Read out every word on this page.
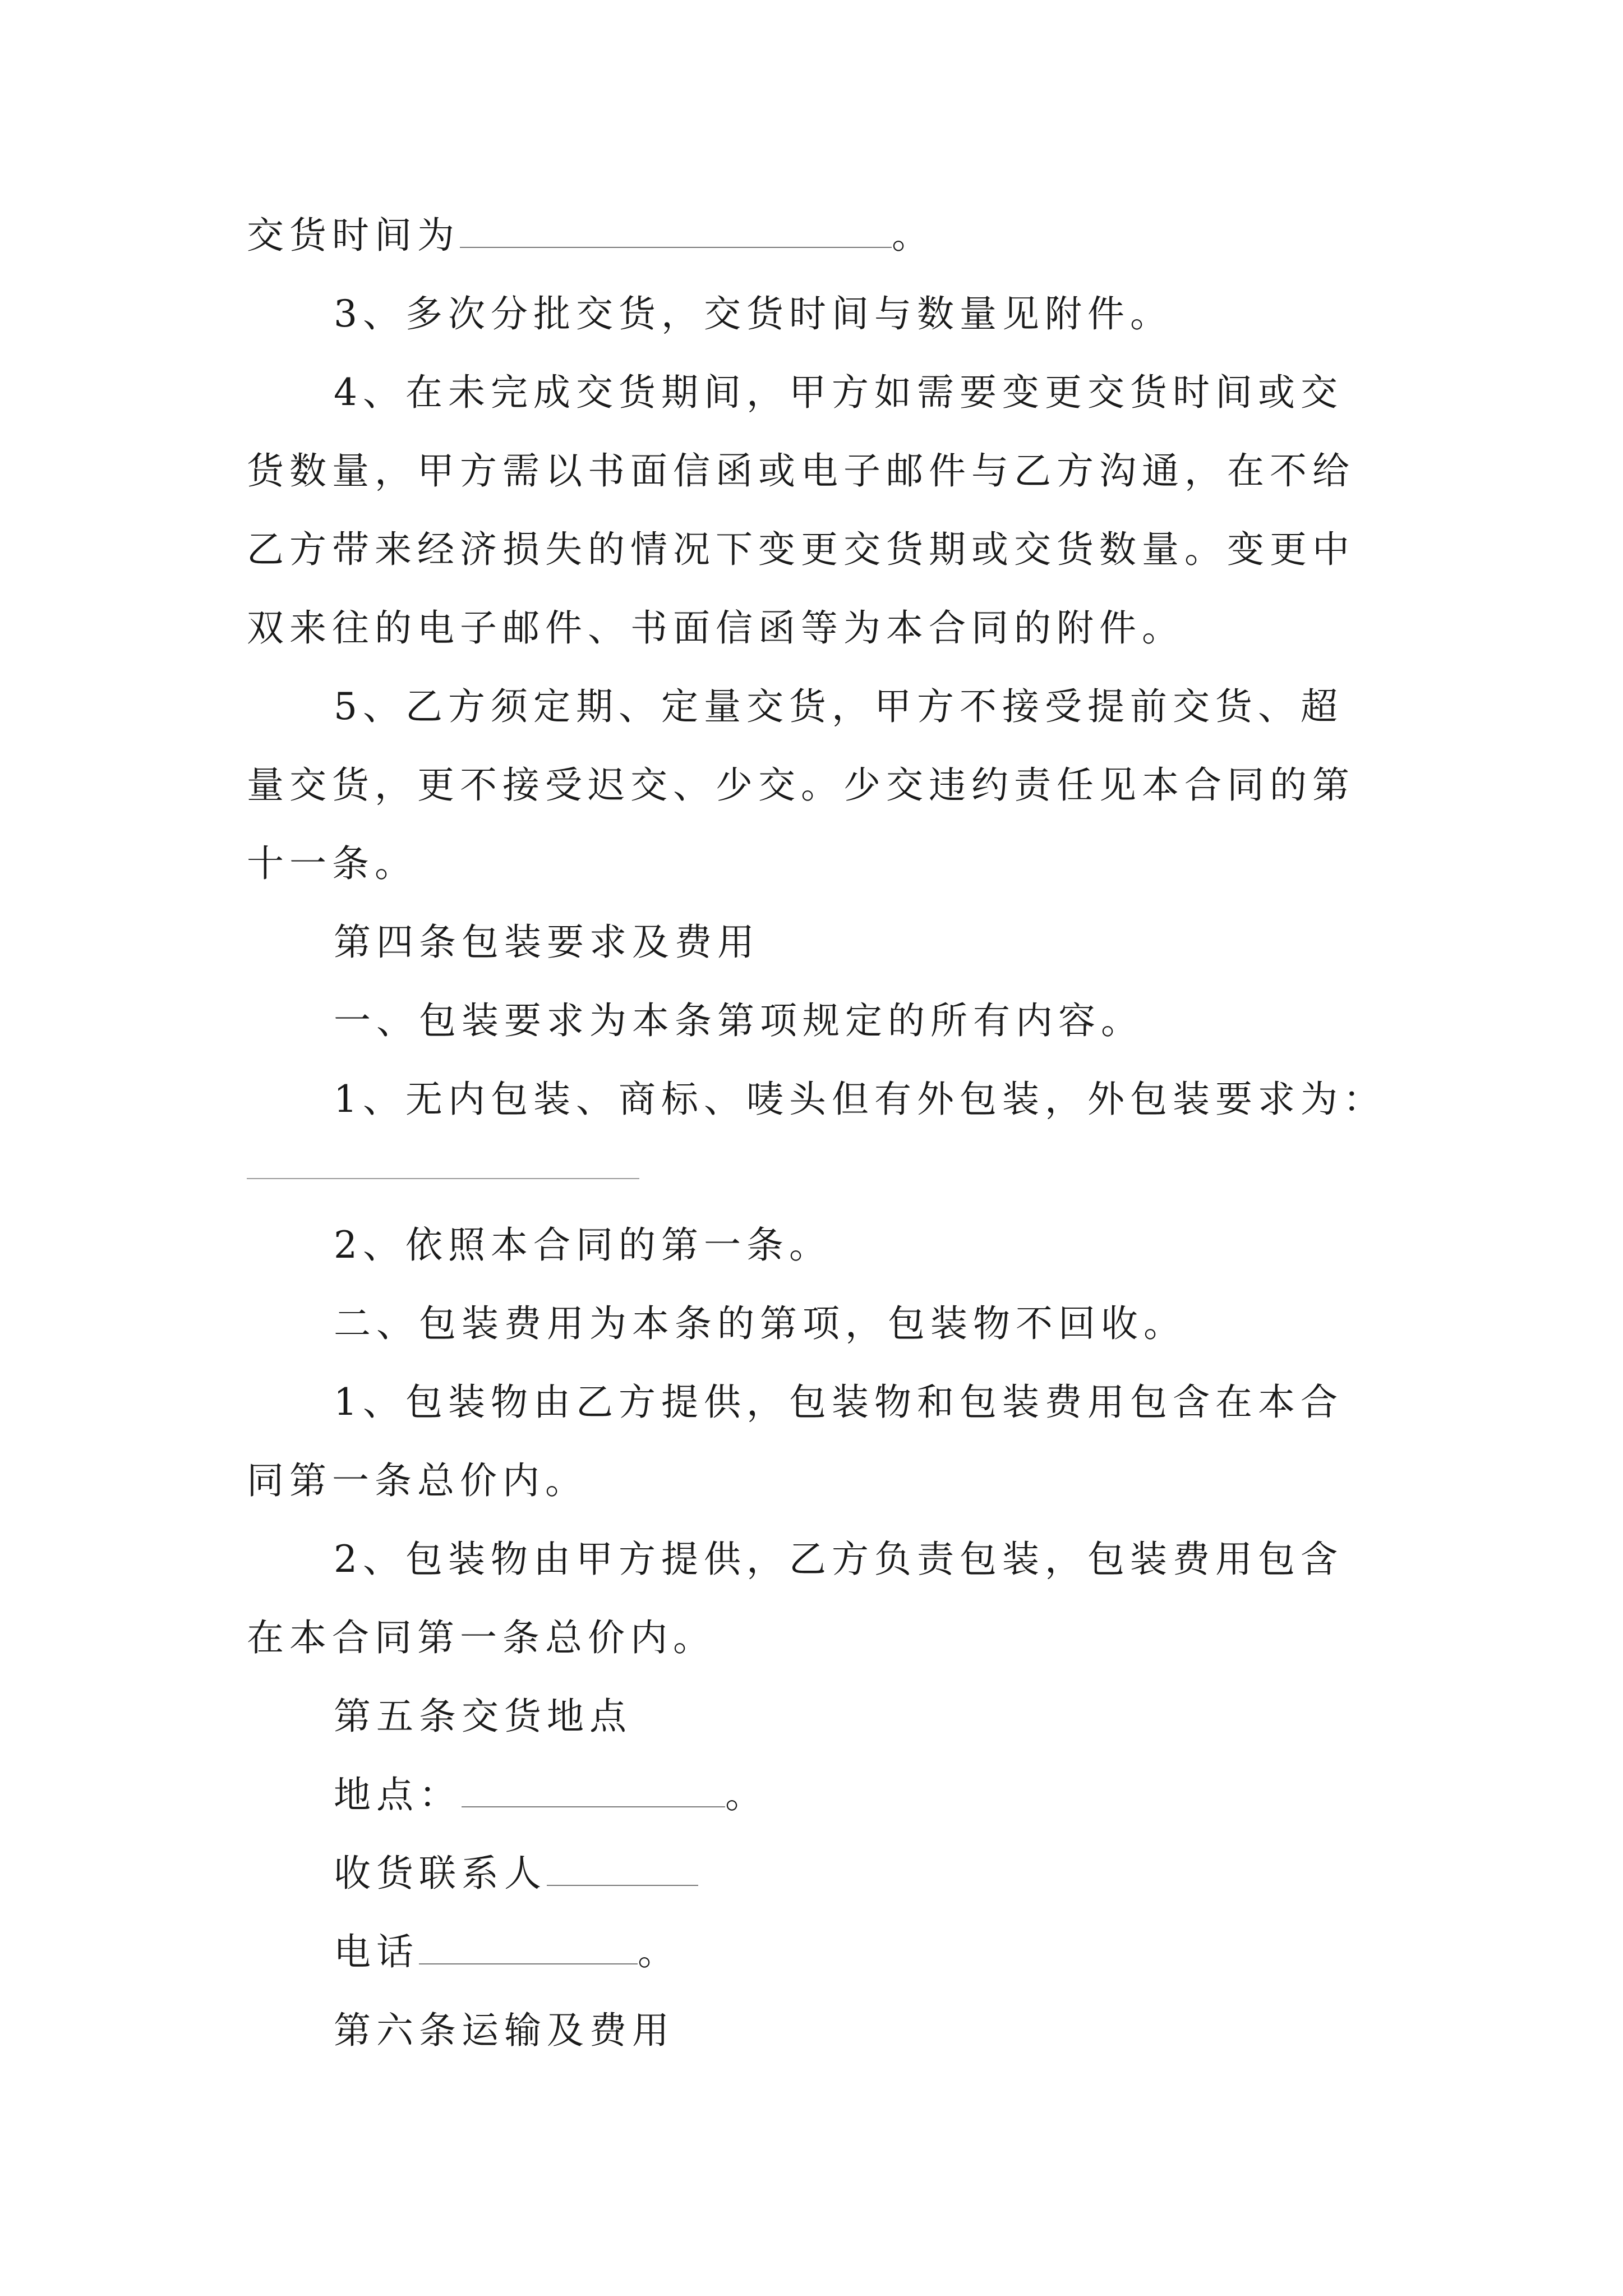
交货时间为	。
3、多次分批交货，交货时间与数量见附件。
4、在未完成交货期间，甲方如需要变更交货时间或交
货数量，甲方需以书面信函或电子邮件与乙方沟通，在不给
乙方带来经济损失的情况下变更交货期或交货数量。变更中
双来往的电子邮件、书面信函等为本合同的附件。
5、乙方须定期、定量交货，甲方不接受提前交货、超
量交货，更不接受迟交、少交。少交违约责任见本合同的第
十一条。
第四条包装要求及费用
一、包装要求为本条第项规定的所有内容。
1、无内包装、商标、唛头但有外包装，外包装要求为：
2、依照本合同的第一条。
二、包装费用为本条的第项，包装物不回收。
1、包装物由乙方提供，包装物和包装费用包含在本合
同第一条总价内。
2、包装物由甲方提供，乙方负责包装，包装费用包含
在本合同第一条总价内。
第五条交货地点
地点：	。
收货联系人
电话	。
第六条运输及费用
